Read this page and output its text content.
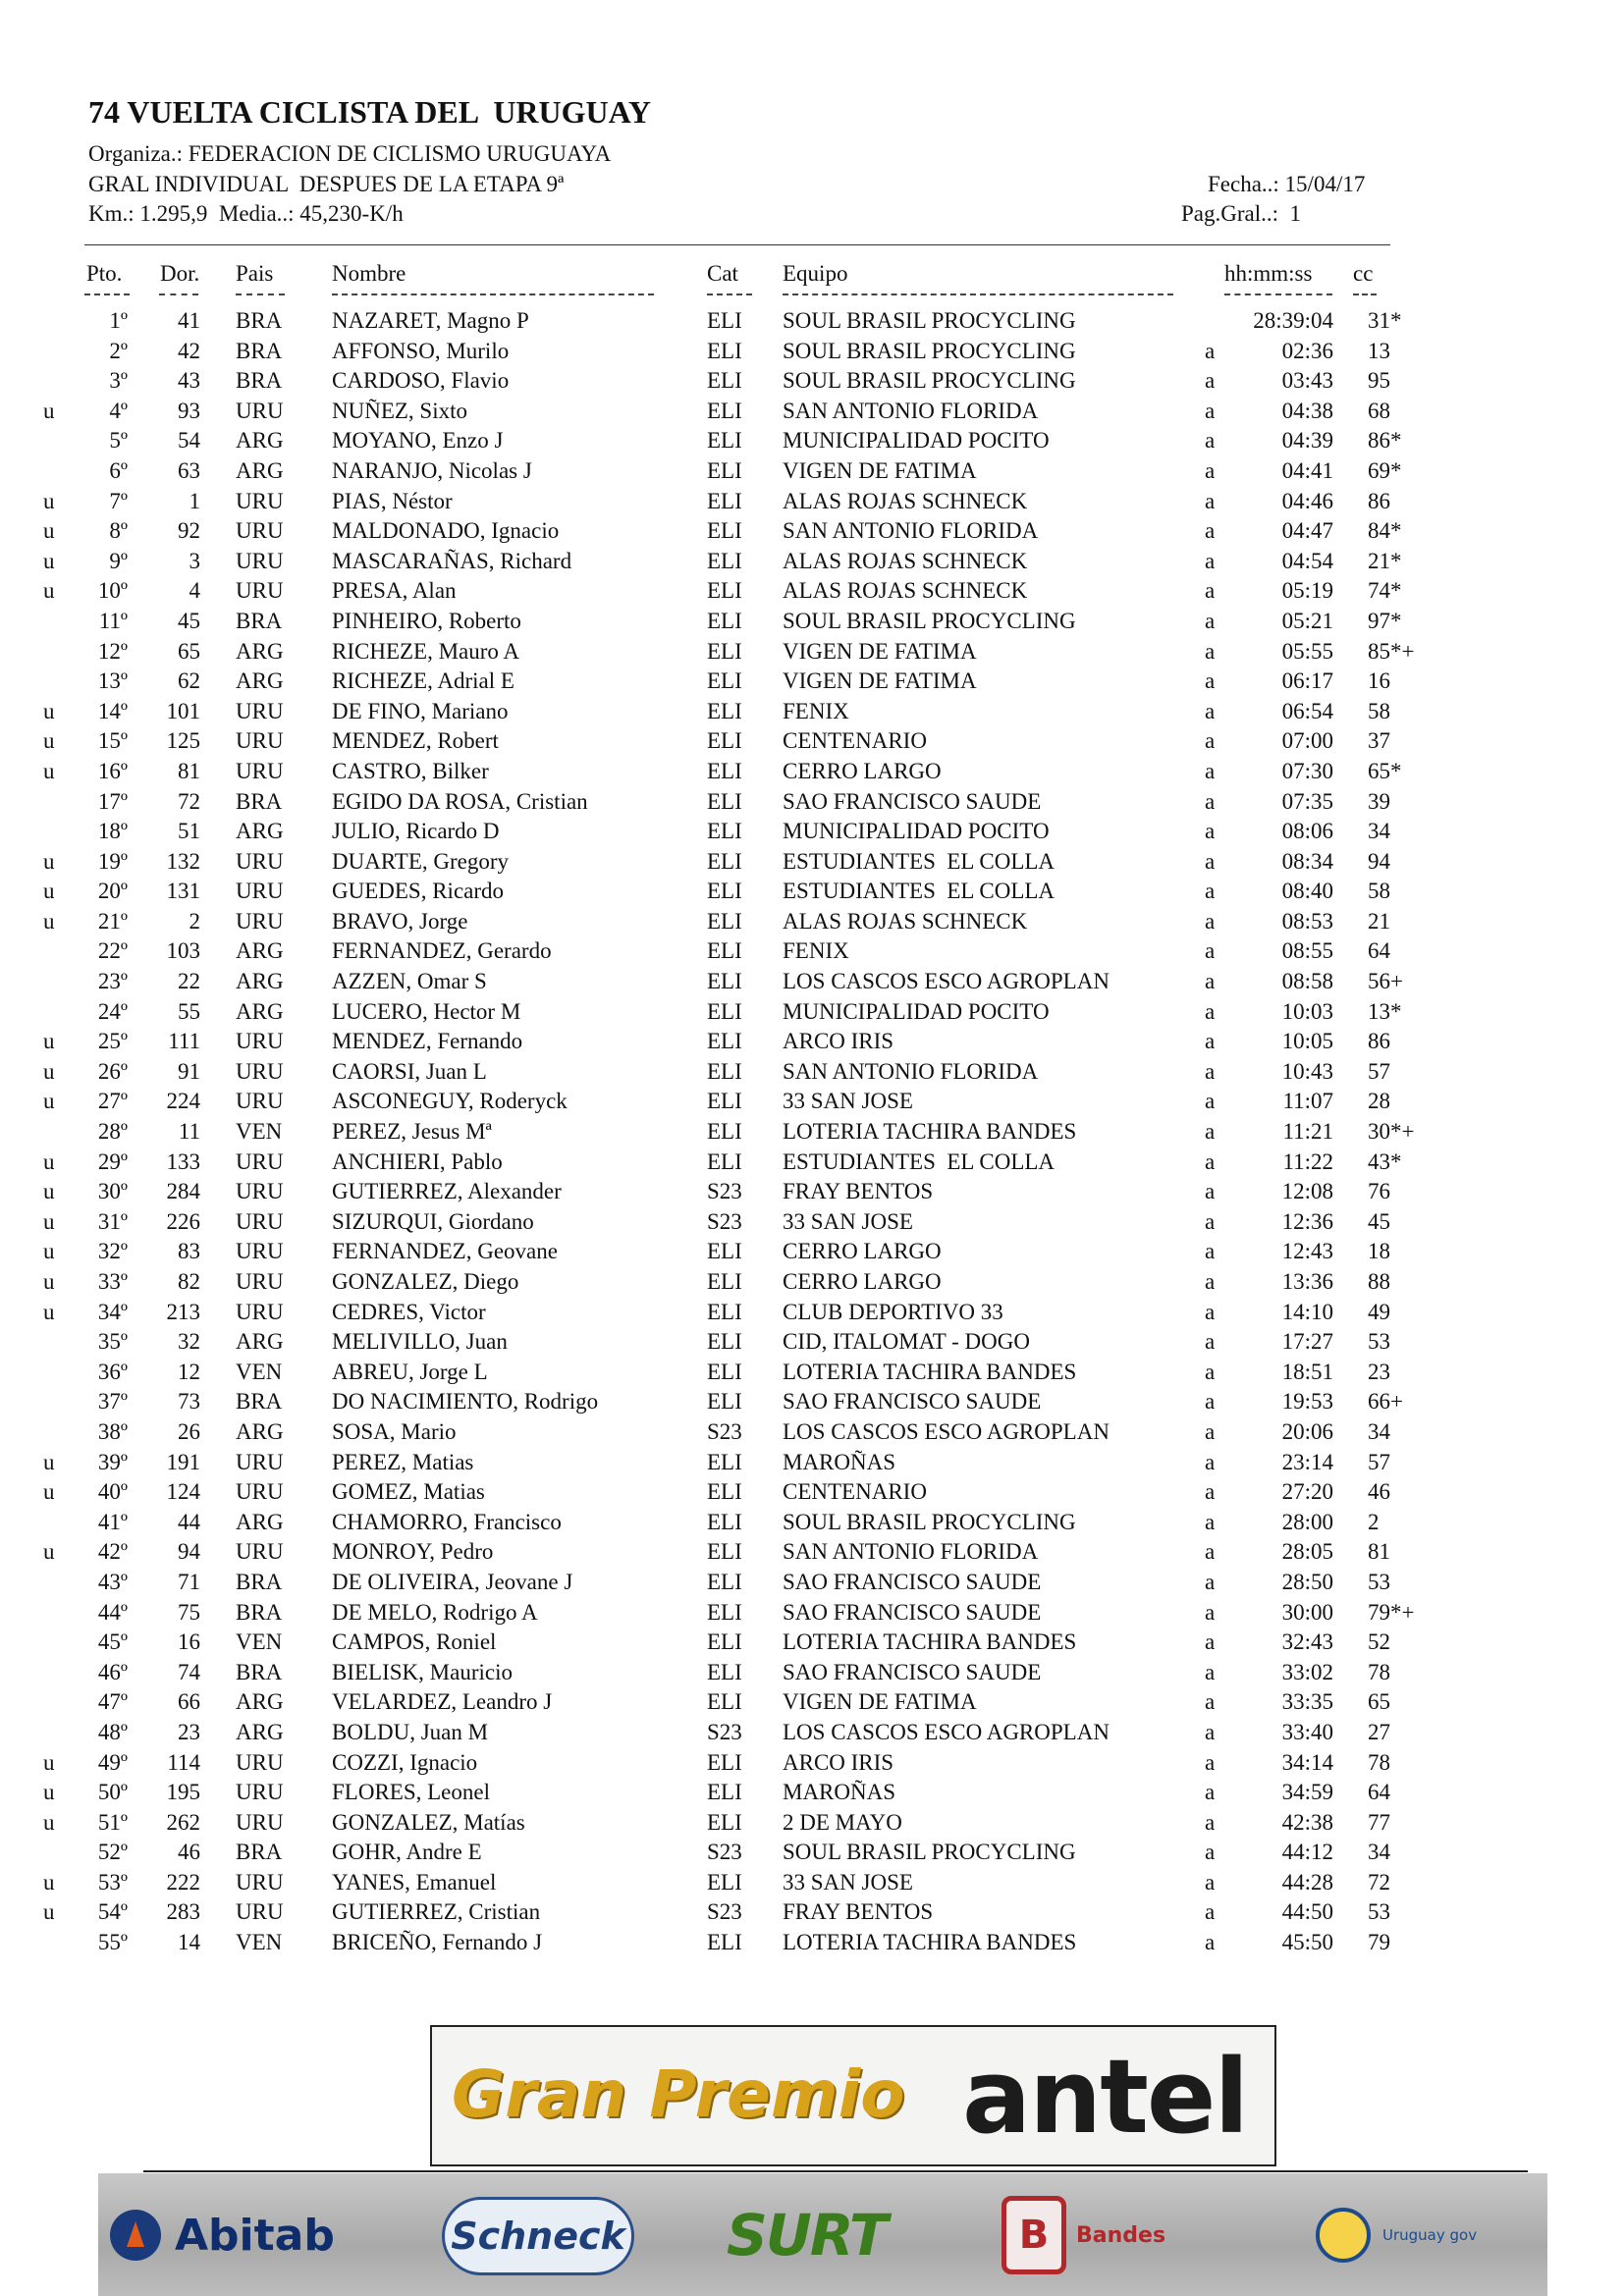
74 VUELTA CICLISTA DEL  URUGUAY
Organiza.: FEDERACION DE CICLISMO URUGUAYA
GRAL INDIVIDUAL  DESPUES DE LA ETAPA 9ª	Fecha..: 15/04/17
Km.: 1.295,9  Media..: 45,230-K/h	Pag.Gral..:  1
Pto. Dor. Pais	Nombre	Cat Equipo	hh:mm:ss cc
1º	41 BRA NAZARET, Magno P	ELI SOUL BRASIL PROCYCLING	28:39:04 31*
2º	42 BRA AFFONSO, Murilo	ELI SOUL BRASIL PROCYCLING	a	02:36 13
3º	43 BRA CARDOSO, Flavio	ELI SOUL BRASIL PROCYCLING	a	03:43 95
u	4º	93 URU NUÑEZ, Sixto	ELI SAN ANTONIO FLORIDA	a	04:38 68
5º	54 ARG MOYANO, Enzo J	ELI MUNICIPALIDAD POCITO	a	04:39 86*
6º	63 ARG NARANJO, Nicolas J	ELI VIGEN DE FATIMA	a	04:41 69*
u	7º	1 URU PIAS, Néstor	ELI ALAS ROJAS SCHNECK	a	04:46 86
u	8º	92 URU MALDONADO, Ignacio	ELI SAN ANTONIO FLORIDA	a	04:47 84*
u	9º	3 URU MASCARAÑAS, Richard	ELI ALAS ROJAS SCHNECK	a	04:54 21*
u	10º	4 URU PRESA, Alan	ELI ALAS ROJAS SCHNECK	a	05:19 74*
11º	45 BRA PINHEIRO, Roberto	ELI SOUL BRASIL PROCYCLING	a	05:21 97*
12º	65 ARG RICHEZE, Mauro A	ELI VIGEN DE FATIMA	a	05:55 85*+
13º	62 ARG RICHEZE, Adrial E	ELI VIGEN DE FATIMA	a	06:17 16
u	14º	101 URU DE FINO, Mariano	ELI FENIX	a	06:54 58
u	15º	125 URU MENDEZ, Robert	ELI CENTENARIO	a	07:00 37
u	16º	81 URU CASTRO, Bilker	ELI CERRO LARGO	a	07:30 65*
17º	72 BRA EGIDO DA ROSA, Cristian	ELI SAO FRANCISCO SAUDE	a	07:35 39
18º	51 ARG JULIO, Ricardo D	ELI MUNICIPALIDAD POCITO	a	08:06 34
u	19º	132 URU DUARTE, Gregory	ELI ESTUDIANTES  EL COLLA	a	08:34 94
u	20º	131 URU GUEDES, Ricardo	ELI ESTUDIANTES  EL COLLA	a	08:40 58
u	21º	2 URU BRAVO, Jorge	ELI ALAS ROJAS SCHNECK	a	08:53 21
22º	103 ARG FERNANDEZ, Gerardo	ELI FENIX	a	08:55 64
23º	22 ARG AZZEN, Omar S	ELI LOS CASCOS ESCO AGROPLAN	a	08:58 56+
24º	55 ARG LUCERO, Hector M	ELI MUNICIPALIDAD POCITO	a	10:03 13*
u	25º	111 URU MENDEZ, Fernando	ELI ARCO IRIS	a	10:05 86
u	26º	91 URU CAORSI, Juan L	ELI SAN ANTONIO FLORIDA	a	10:43 57
u	27º	224 URU ASCONEGUY, Roderyck	ELI 33 SAN JOSE	a	11:07 28
28º	11 VEN PEREZ, Jesus Mª	ELI LOTERIA TACHIRA BANDES	a	11:21 30*+
u	29º	133 URU ANCHIERI, Pablo	ELI ESTUDIANTES  EL COLLA	a	11:22 43*
u	30º	284 URU GUTIERREZ, Alexander	S23 FRAY BENTOS	a	12:08 76
u	31º	226 URU SIZURQUI, Giordano	S23 33 SAN JOSE	a	12:36 45
u	32º	83 URU FERNANDEZ, Geovane	ELI CERRO LARGO	a	12:43 18
u	33º	82 URU GONZALEZ, Diego	ELI CERRO LARGO	a	13:36 88
u	34º	213 URU CEDRES, Victor	ELI CLUB DEPORTIVO 33	a	14:10 49
35º	32 ARG MELIVILLO, Juan	ELI CID, ITALOMAT - DOGO	a	17:27 53
36º	12 VEN ABREU, Jorge L	ELI LOTERIA TACHIRA BANDES	a	18:51 23
37º	73 BRA DO NACIMIENTO, Rodrigo	ELI SAO FRANCISCO SAUDE	a	19:53 66+
38º	26 ARG SOSA, Mario	S23 LOS CASCOS ESCO AGROPLAN	a	20:06 34
u	39º	191 URU PEREZ, Matias	ELI MAROÑAS	a	23:14 57
u	40º	124 URU GOMEZ, Matias	ELI CENTENARIO	a	27:20 46
41º	44 ARG CHAMORRO, Francisco	ELI SOUL BRASIL PROCYCLING	a	28:00 2
u	42º	94 URU MONROY, Pedro	ELI SAN ANTONIO FLORIDA	a	28:05 81
43º	71 BRA DE OLIVEIRA, Jeovane J	ELI SAO FRANCISCO SAUDE	a	28:50 53
44º	75 BRA DE MELO, Rodrigo A	ELI SAO FRANCISCO SAUDE	a	30:00 79*+
45º	16 VEN CAMPOS, Roniel	ELI LOTERIA TACHIRA BANDES	a	32:43 52
46º	74 BRA BIELISK, Mauricio	ELI SAO FRANCISCO SAUDE	a	33:02 78
47º	66 ARG VELARDEZ, Leandro J	ELI VIGEN DE FATIMA	a	33:35 65
48º	23 ARG BOLDU, Juan M	S23 LOS CASCOS ESCO AGROPLAN	a	33:40 27
u	49º	114 URU COZZI, Ignacio	ELI ARCO IRIS	a	34:14 78
u	50º	195 URU FLORES, Leonel	ELI MAROÑAS	a	34:59 64
u	51º	262 URU GONZALEZ, Matías	ELI 2 DE MAYO	a	42:38 77
52º	46 BRA GOHR, Andre E	S23 SOUL BRASIL PROCYCLING	a	44:12 34
u	53º	222 URU YANES, Emanuel	ELI 33 SAN JOSE	a	44:28 72
u	54º	283 URU GUTIERREZ, Cristian	S23 FRAY BENTOS	a	44:50 53
55º	14 VEN BRICEÑO, Fernando J	ELI LOTERIA TACHIRA BANDES	a	45:50 79
Gran Premio antel
Abitab	Schneck SURT	B	Bandes	Uruguay gov
